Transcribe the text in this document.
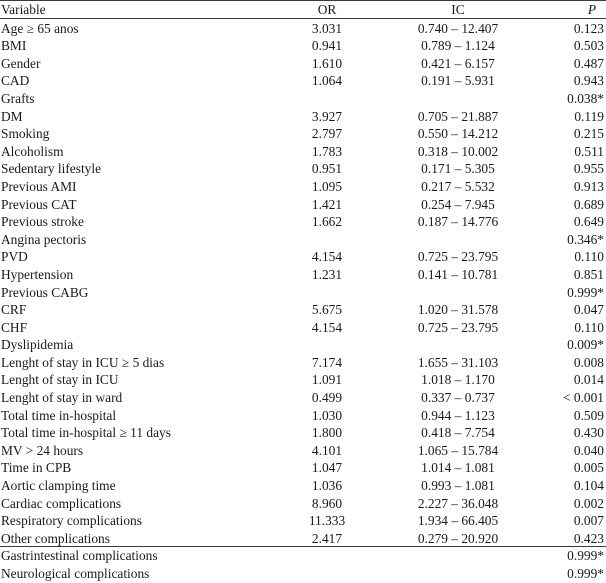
Variable	OR	IC	P
Age ≥ 65 anos	3.031	0.740 – 12.407	0.123
BMI	0.941	0.789 – 1.124	0.503
Gender	1.610	0.421 – 6.157	0.487
CAD	1.064	0.191 – 5.931	0.943
Grafts			0.038*
DM	3.927	0.705 – 21.887	0.119
Smoking	2.797	0.550 – 14.212	0.215
Alcoholism	1.783	0.318 – 10.002	0.511
Sedentary lifestyle	0.951	0.171 – 5.305	0.955
Previous AMI	1.095	0.217 – 5.532	0.913
Previous CAT	1.421	0.254 – 7.945	0.689
Previous stroke	1.662	0.187 – 14.776	0.649
Angina pectoris			0.346*
PVD	4.154	0.725 – 23.795	0.110
Hypertension	1.231	0.141 – 10.781	0.851
Previous CABG			0.999*
CRF	5.675	1.020 – 31.578	0.047
CHF	4.154	0.725 – 23.795	0.110
Dyslipidemia			0.009*
Lenght of stay in ICU ≥ 5 dias	7.174	1.655 – 31.103	0.008
Lenght of stay in ICU	1.091	1.018 – 1.170	0.014
Lenght of stay in ward	0.499	0.337 – 0.737	< 0.001
Total time in-hospital	1.030	0.944 – 1.123	0.509
Total time in-hospital ≥ 11 days	1.800	0.418 – 7.754	0.430
MV > 24 hours	4.101	1.065 – 15.784	0.040
Time in CPB	1.047	1.014 – 1.081	0.005
Aortic clamping time	1.036	0.993 – 1.081	0.104
Cardiac complications	8.960	2.227 – 36.048	0.002
Respiratory complications	11.333	1.934 – 66.405	0.007
Other complications	2.417	0.279 – 20.920	0.423
Gastrintestinal complications			0.999*
Neurological complications			0.999*
